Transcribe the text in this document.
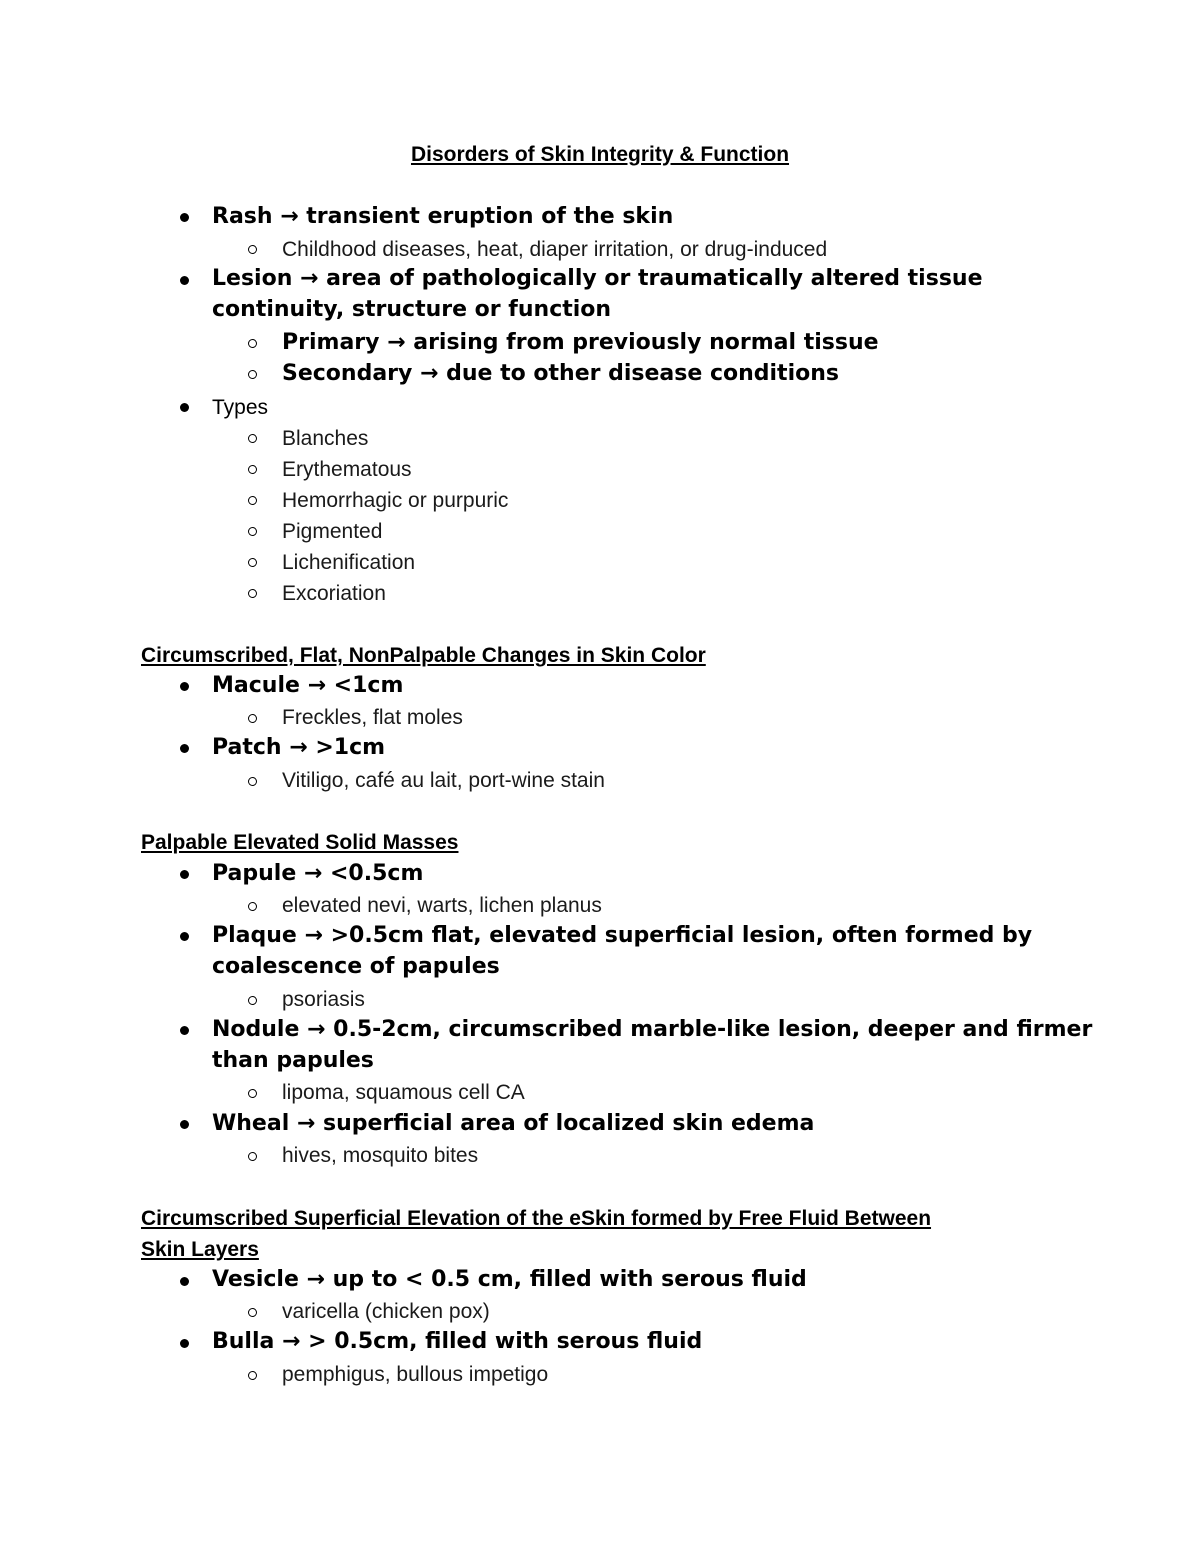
Disorders of Skin Integrity & Function
Rash → transient eruption of the skin
Childhood diseases, heat, diaper irritation, or drug-induced
Lesion → area of pathologically or traumatically altered tissue
continuity, structure or function
Primary → arising from previously normal tissue
Secondary → due to other disease conditions
Types
Blanches
Erythematous
Hemorrhagic or purpuric
Pigmented
Lichenification
Excoriation
Circumscribed, Flat, NonPalpable Changes in Skin Color
Macule → <1cm
Freckles, flat moles
Patch → >1cm
Vitiligo, café au lait, port-wine stain
Palpable Elevated Solid Masses
Papule → <0.5cm
elevated nevi, warts, lichen planus
Plaque → >0.5cm flat, elevated superficial lesion, often formed by
coalescence of papules
psoriasis
Nodule → 0.5-2cm, circumscribed marble-like lesion, deeper and firmer
than papules
lipoma, squamous cell CA
Wheal → superficial area of localized skin edema
hives, mosquito bites
Circumscribed Superficial Elevation of the eSkin formed by Free Fluid Between
Skin Layers
Vesicle → up to < 0.5 cm, filled with serous fluid
varicella (chicken pox)
Bulla → > 0.5cm, filled with serous fluid
pemphigus, bullous impetigo
